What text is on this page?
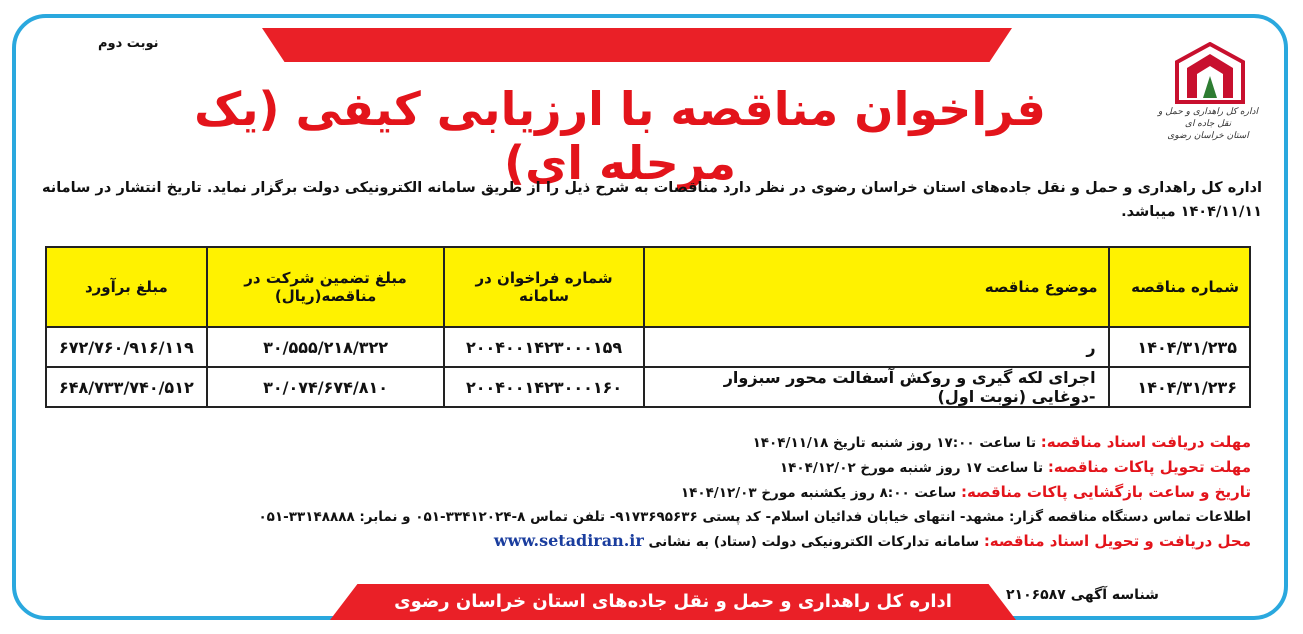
اداره کل راهداری و حمل و نقل جاده‌های استان خراسان رضوی
نوبت دوم
اداره کل راهداری و حمل و نقل جاده ای
استان خراسان رضوی
فراخوان مناقصه با ارزیابی کیفی (یک مرحله ای)
اداره کل راهداری و حمل و نقل جاده‌های استان خراسان رضوی در نظر دارد مناقصات به شرح ذیل را از طریق سامانه الکترونیکی دولت برگزار نماید. تاریخ انتشار در سامانه ۱۴۰۴/۱۱/۱۱ میباشد.
شماره مناقصه	موضوع مناقصه	شماره فراخوان در سامانه	مبلغ تضمین شرکت در مناقصه(ریال)	مبلغ برآورد
۱۴۰۴/۳۱/۲۳۵	ر	۲۰۰۴۰۰۱۴۲۳۰۰۰۱۵۹	۳۰/۵۵۵/۲۱۸/۳۲۲	۶۷۲/۷۶۰/۹۱۶/۱۱۹
۱۴۰۴/۳۱/۲۳۶	اجرای لکه گیری و روکش آسفالت محور سبزوار -دوغایی (نوبت اول)	۲۰۰۴۰۰۱۴۲۳۰۰۰۱۶۰	۳۰/۰۷۴/۶۷۴/۸۱۰	۶۴۸/۷۳۳/۷۴۰/۵۱۲
مهلت دریافت اسناد مناقصه: تا ساعت ۱۷:۰۰ روز شنبه تاریخ ۱۴۰۴/۱۱/۱۸
مهلت تحویل پاکات مناقصه: تا ساعت ۱۷ روز شنبه مورخ ۱۴۰۴/۱۲/۰۲
تاریخ و ساعت بازگشایی پاکات مناقصه: ساعت ۸:۰۰ روز یکشنبه مورخ ۱۴۰۴/۱۲/۰۳
اطلاعات تماس دستگاه مناقصه گزار: مشهد- انتهای خیابان فدائیان اسلام- کد پستی ۹۱۷۳۶۹۵۶۳۶- تلفن تماس ۸-۳۳۴۱۲۰۲۴-۰۵۱ و نمابر: ۳۳۱۴۸۸۸۸-۰۵۱
محل دریافت و تحویل اسناد مناقصه: سامانه تدارکات الکترونیکی دولت (ستاد) به نشانی www.setadiran.ir
شناسه آگهی ۲۱۰۶۵۸۷
